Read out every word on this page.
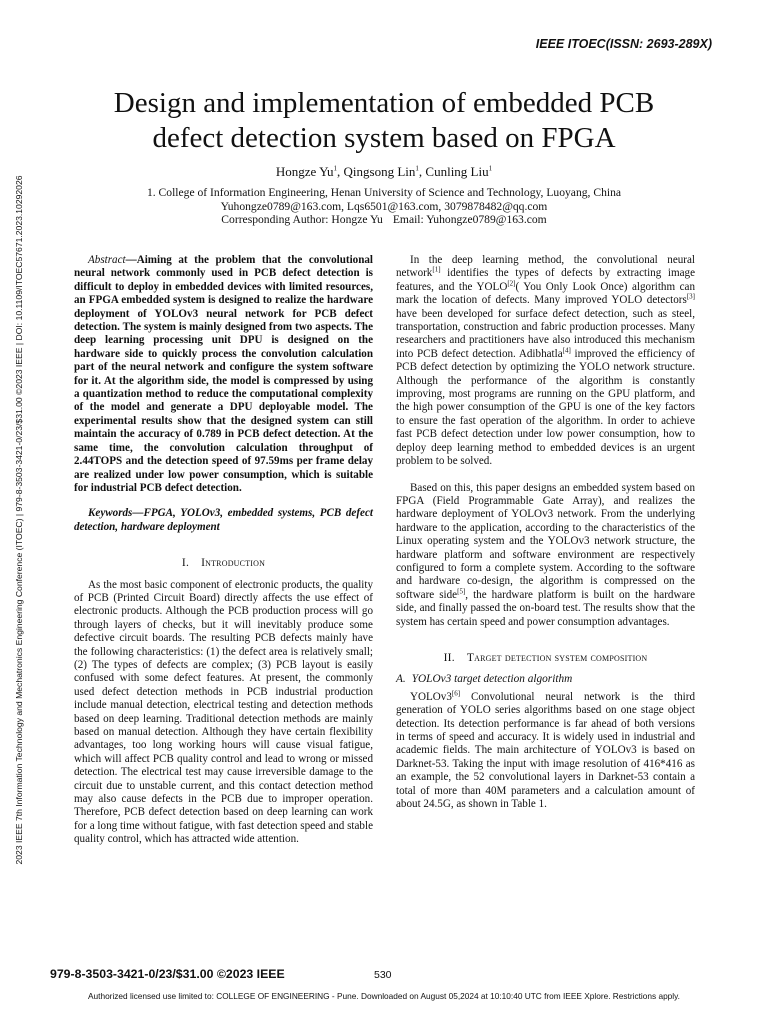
IEEE ITOEC(ISSN: 2693-289X)
2023 IEEE 7th Information Technology and Mechatronics Engineering Conference (ITOEC) | 979-8-3503-3421-0/23/$31.00 ©2023 IEEE | DOI: 10.1109/ITOEC57671.2023.10292026
Design and implementation of embedded PCB
defect detection system based on FPGA
Hongze Yu$^1$, Qingsong Lin$^1$, Cunling Liu$^1$
1. College of Information Engineering, Henan University of Science and Technology, Luoyang, China
Yuhongze0789@163.com, Lqs6501@163.com, 3079878482@qq.com
Corresponding Author: Hongze Yu Email: Yuhongze0789@163.com

Abstract—Aiming at the problem that the convolutional neural network commonly used in PCB defect detection is difficult to deploy in embedded devices with limited resources, an FPGA embedded system is designed to realize the hardware deployment of YOLOv3 neural network for PCB defect detection. The system is mainly designed from two aspects. The deep learning processing unit DPU is designed on the hardware side to quickly process the convolution calculation part of the neural network and configure the system software for it. At the algorithm side, the model is compressed by using a quantization method to reduce the computational complexity of the model and generate a DPU deployable model. The experimental results show that the designed system can still maintain the accuracy of 0.789 in PCB defect detection. At the same time, the convolution calculation throughput of 2.44TOPS and the detection speed of 97.59ms per frame delay are realized under low power consumption, which is suitable for industrial PCB defect detection.

Keywords—FPGA, YOLOv3, embedded systems, PCB defect detection, hardware deployment

I. Introduction

As the most basic component of electronic products, the quality of PCB (Printed Circuit Board) directly affects the use effect of electronic products. Although the PCB production process will go through layers of checks, but it will inevitably produce some defective circuit boards. The resulting PCB defects mainly have the following characteristics: (1) the defect area is relatively small; (2) The types of defects are complex; (3) PCB layout is easily confused with some defect features. At present, the commonly used defect detection methods in PCB industrial production include manual detection, electrical testing and detection methods based on deep learning. Traditional detection methods are mainly based on manual detection. Although they have certain flexibility advantages, too long working hours will cause visual fatigue, which will affect PCB quality control and lead to wrong or missed detection. The electrical test may cause irreversible damage to the circuit due to unstable current, and this contact detection method may also cause defects in the PCB due to improper operation. Therefore, PCB defect detection based on deep learning can work for a long time without fatigue, with fast detection speed and stable quality control, which has attracted wide attention.

In the deep learning method, the convolutional neural network[1] identifies the types of defects by extracting image features, and the YOLO[2]( You Only Look Once) algorithm can mark the location of defects. Many improved YOLO detectors[3] have been developed for surface defect detection, such as steel, transportation, construction and fabric production processes. Many researchers and practitioners have also introduced this mechanism into PCB defect detection. Adibhatla[4] improved the efficiency of PCB defect detection by optimizing the YOLO network structure. Although the performance of the algorithm is constantly improving, most programs are running on the GPU platform, and the high power consumption of the GPU is one of the key factors to ensure the fast operation of the algorithm. In order to achieve fast PCB defect detection under low power consumption, how to deploy deep learning method to embedded devices is an urgent problem to be solved.

Based on this, this paper designs an embedded system based on FPGA (Field Programmable Gate Array), and realizes the hardware deployment of YOLOv3 network. From the underlying hardware to the application, according to the characteristics of the Linux operating system and the YOLOv3 network structure, the hardware platform and software environment are respectively configured to form a complete system. According to the software and hardware co-design, the algorithm is compressed on the software side[5], the hardware platform is built on the hardware side, and finally passed the on-board test. The results show that the system has certain speed and power consumption advantages.

II. Target detection system composition

A. YOLOv3 target detection algorithm

YOLOv3[6] Convolutional neural network is the third generation of YOLO series algorithms based on one stage object detection. Its detection performance is far ahead of both versions in terms of speed and accuracy. It is widely used in industrial and academic fields. The main architecture of YOLOv3 is based on Darknet-53. Taking the input with image resolution of 416*416 as an example, the 52 convolutional layers in Darknet-53 contain a total of more than 40M parameters and a calculation amount of about 24.5G, as shown in Table 1.

979-8-3503-3421-0/23/$31.00 ©2023 IEEE	530
Authorized licensed use limited to: COLLEGE OF ENGINEERING - Pune. Downloaded on August 05,2024 at 10:10:40 UTC from IEEE Xplore. Restrictions apply.
